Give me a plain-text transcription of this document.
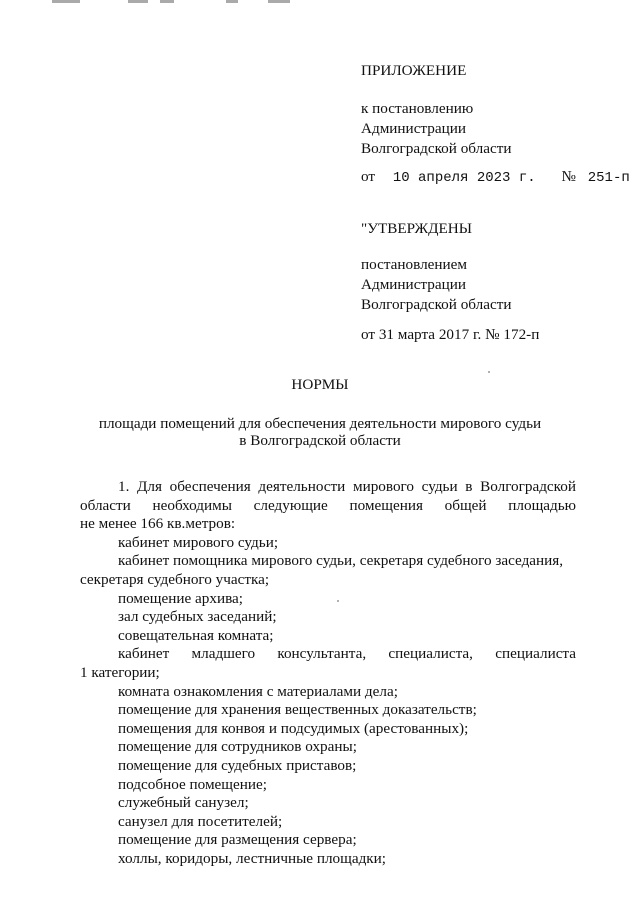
ПРИЛОЖЕНИЕ
к постановлению
Администрации
Волгоградской области
от 10 апреля 2023 г. № 251-п
"УТВЕРЖДЕНЫ
постановлением
Администрации
Волгоградской области
от 31 марта 2017 г. № 172-п
НОРМЫ
площади помещений для обеспечения деятельности мирового судьи
в Волгоградской области
1. Для обеспечения деятельности мирового судьи в Волгоградской
области необходимы следующие помещения общей площадью
не менее 166 кв.метров:
кабинет мирового судьи;
кабинет помощника мирового судьи, секретаря судебного заседания,
секретаря судебного участка;
помещение архива;
зал судебных заседаний;
совещательная комната;
кабинет младшего консультанта, специалиста, специалиста
1 категории;
комната ознакомления с материалами дела;
помещение для хранения вещественных доказательств;
помещения для конвоя и подсудимых (арестованных);
помещение для сотрудников охраны;
помещение для судебных приставов;
подсобное помещение;
служебный санузел;
санузел для посетителей;
помещение для размещения сервера;
холлы, коридоры, лестничные площадки;
